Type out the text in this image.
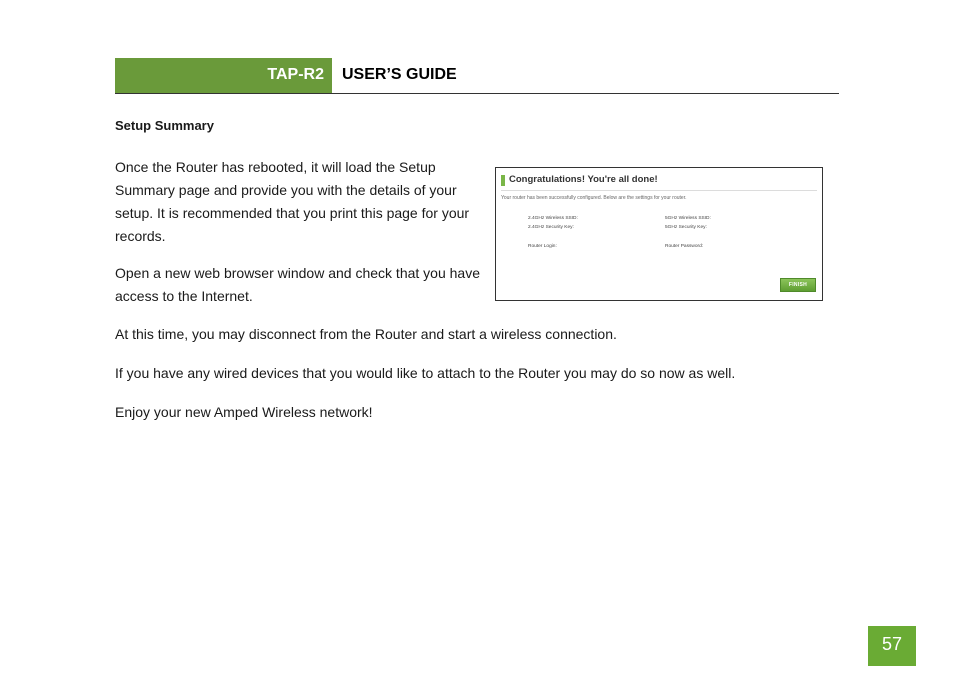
TAP-R2 USER’S GUIDE
Setup Summary

Once the Router has rebooted, it will load the Setup Summary page and provide you with the details of your setup. It is recommended that you print this page for your records.

Open a new web browser window and check that you have access to the Internet.

At this time, you may disconnect from the Router and start a wireless connection.

If you have any wired devices that you would like to attach to the Router you may do so now as well.

Enjoy your new Amped Wireless network!

Congratulations! You're all done!
Your router has been successfully configured. Below are the settings for your router.
2.4GHz Wireless SSID:
2.4GHz Security Key:
Router Login:
5GHz Wireless SSID:
5GHz Security Key:
Router Password:
FINISH
57
